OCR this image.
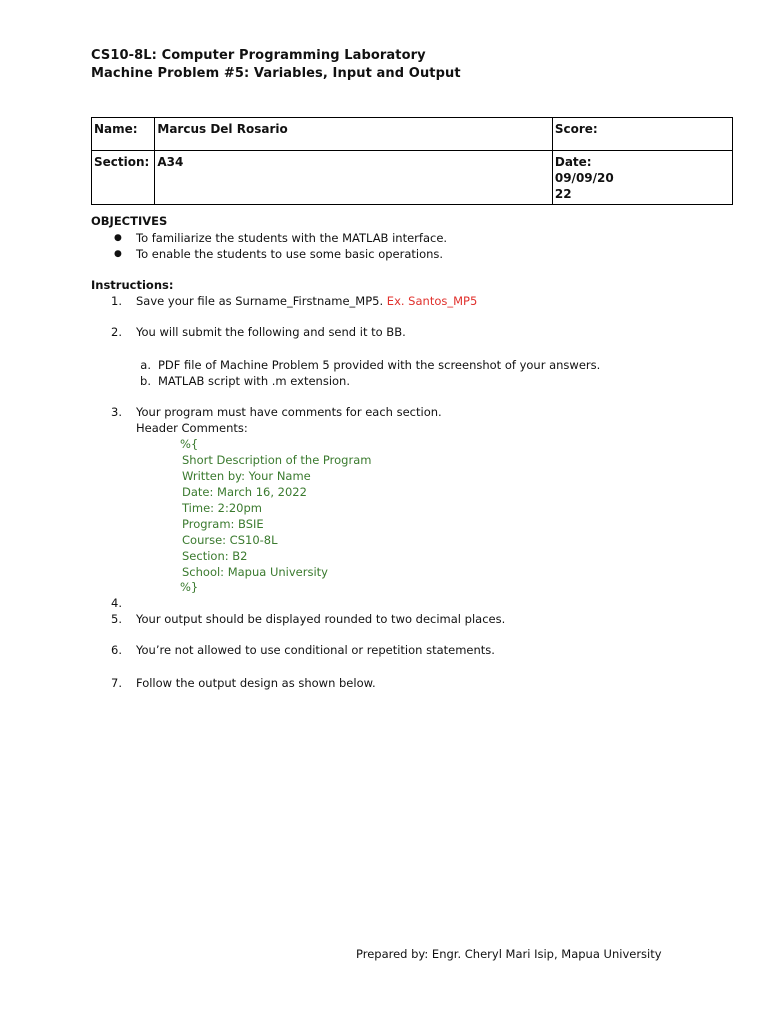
CS10-8L: Computer Programming Laboratory
Machine Problem #5: Variables, Input and Output
Name:	Marcus Del Rosario	Score:
Section:	A34	Date:
09/09/2022
OBJECTIVES
● To familiarize the students with the MATLAB interface.
● To enable the students to use some basic operations.
Instructions:
1. Save your file as Surname_Firstname_MP5. Ex. Santos_MP5
2. You will submit the following and send it to BB.
a. PDF file of Machine Problem 5 provided with the screenshot of your answers.
b. MATLAB script with .m extension.
3. Your program must have comments for each section.
Header Comments:
%{
Short Description of the Program
Written by: Your Name
Date: March 16, 2022
Time: 2:20pm
Program: BSIE
Course: CS10-8L
Section: B2
School: Mapua University
%}
4.
5. Your output should be displayed rounded to two decimal places.
6. You’re not allowed to use conditional or repetition statements.
7. Follow the output design as shown below.
Prepared by: Engr. Cheryl Mari Isip, Mapua University
